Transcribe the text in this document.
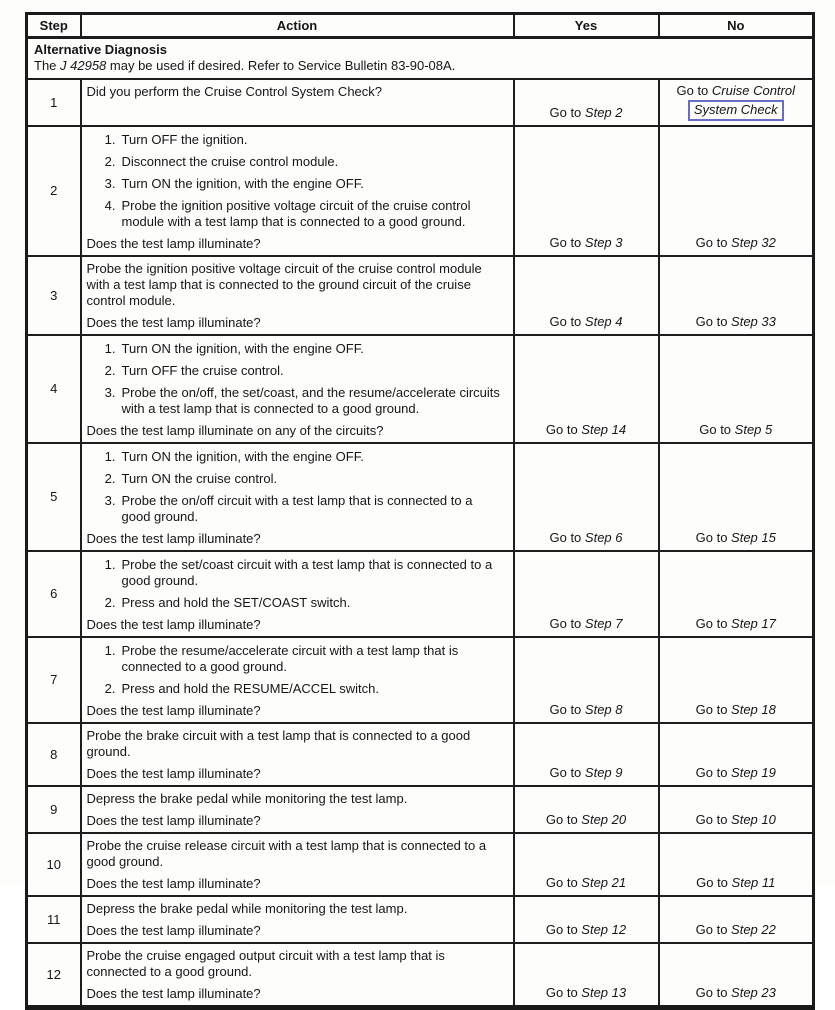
Step	Action	Yes	No

Alternative Diagnosis
The J 42958 may be used if desired. Refer to Service Bulletin 83-90-08A.			

1	Did you perform the Cruise Control System Check?	Go to Step 2	Go to Cruise Control
System Check

2	
1. Turn OFF the ignition.
2. Disconnect the cruise control module.
3. Turn ON the ignition, with the engine OFF.
4. Probe the ignition positive voltage circuit of the cruise control module with a test lamp that is connected to a good ground.
Does the test lamp illuminate?	Go to Step 3	Go to Step 32

3	Probe the ignition positive voltage circuit of the cruise control module with a test lamp that is connected to the ground circuit of the cruise control module.
Does the test lamp illuminate?	Go to Step 4	Go to Step 33

4	
1. Turn ON the ignition, with the engine OFF.
2. Turn OFF the cruise control.
3. Probe the on/off, the set/coast, and the resume/accelerate circuits with a test lamp that is connected to a good ground.
Does the test lamp illuminate on any of the circuits?	Go to Step 14	Go to Step 5

5	
1. Turn ON the ignition, with the engine OFF.
2. Turn ON the cruise control.
3. Probe the on/off circuit with a test lamp that is connected to a good ground.
Does the test lamp illuminate?	Go to Step 6	Go to Step 15

6	1. Probe the set/coast circuit with a test lamp that is connected to a good ground.
2. Press and hold the SET/COAST switch.
Does the test lamp illuminate?	Go to Step 7	Go to Step 17

7	1. Probe the resume/accelerate circuit with a test lamp that is connected to a good ground.
2. Press and hold the RESUME/ACCEL switch.
Does the test lamp illuminate?	Go to Step 8	Go to Step 18

8	Probe the brake circuit with a test lamp that is connected to a good ground.
Does the test lamp illuminate?	Go to Step 9	Go to Step 19

9	Depress the brake pedal while monitoring the test lamp.
Does the test lamp illuminate?	Go to Step 20	Go to Step 10

10	Probe the cruise release circuit with a test lamp that is connected to a good ground.
Does the test lamp illuminate?	Go to Step 21	Go to Step 11

11	Depress the brake pedal while monitoring the test lamp.
Does the test lamp illuminate?	Go to Step 12	Go to Step 22

12	Probe the cruise engaged output circuit with a test lamp that is connected to a good ground.
Does the test lamp illuminate?	Go to Step 13	Go to Step 23
